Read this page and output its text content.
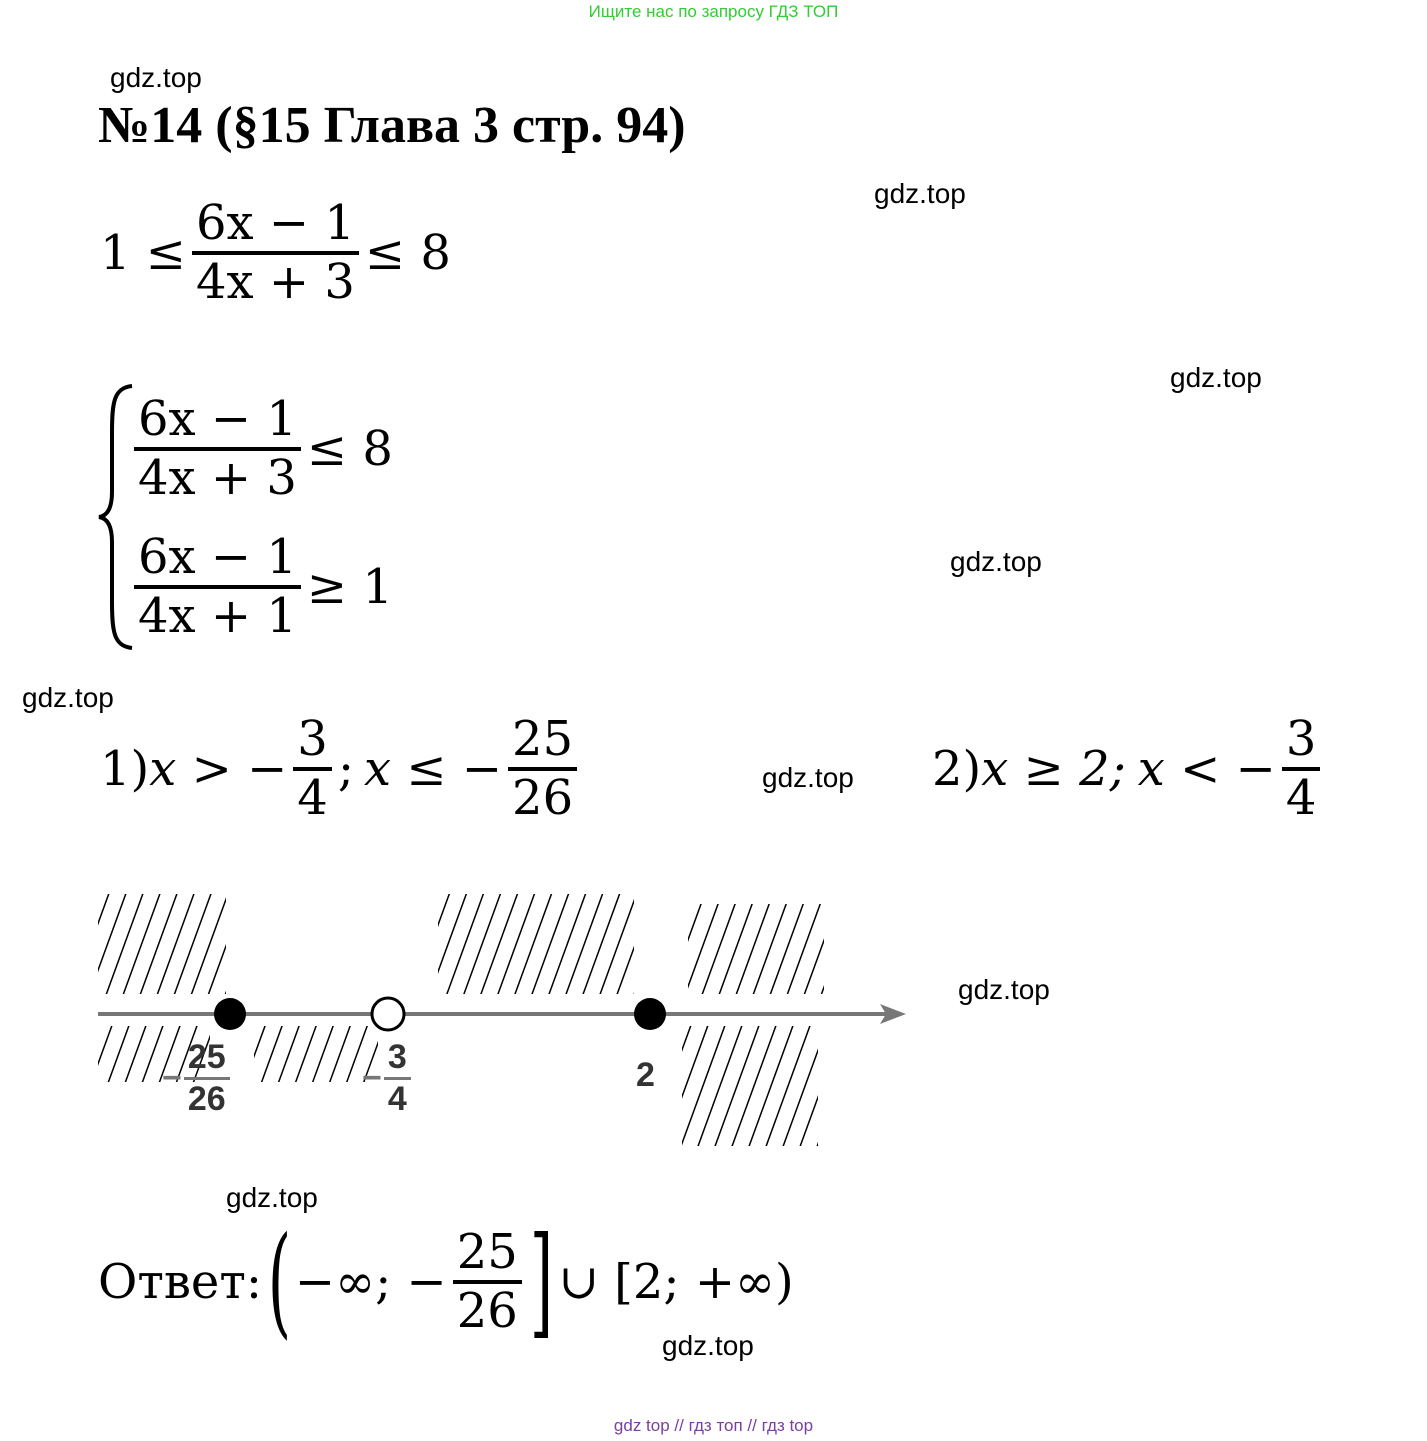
Ищите нас по запросу ГДЗ ТОП
gdz.top
gdz.top
gdz.top
gdz.top
gdz.top
gdz.top
gdz.top
gdz.top
gdz.top
№14 (§15 Глава 3 стр. 94)
$1 \le \frac{6x - 1}{4x + 3} \le 8$
$\frac{6x - 1}{4x + 3} \le 8$
$\frac{6x - 1}{4x + 1} \ge 1$
1) x > − $\frac{3}{4}$ ; x ≤ − $\frac{25}{26}$	2) x ≥ 2; x < − $\frac{3}{4}$
− $\frac{25}{26}$	− $\frac{3}{4}$	2
Ответ: ( −∞; − $\frac{25}{26}$ ] ∪ [2; +∞)
gdz top // гдз топ // гдз top
